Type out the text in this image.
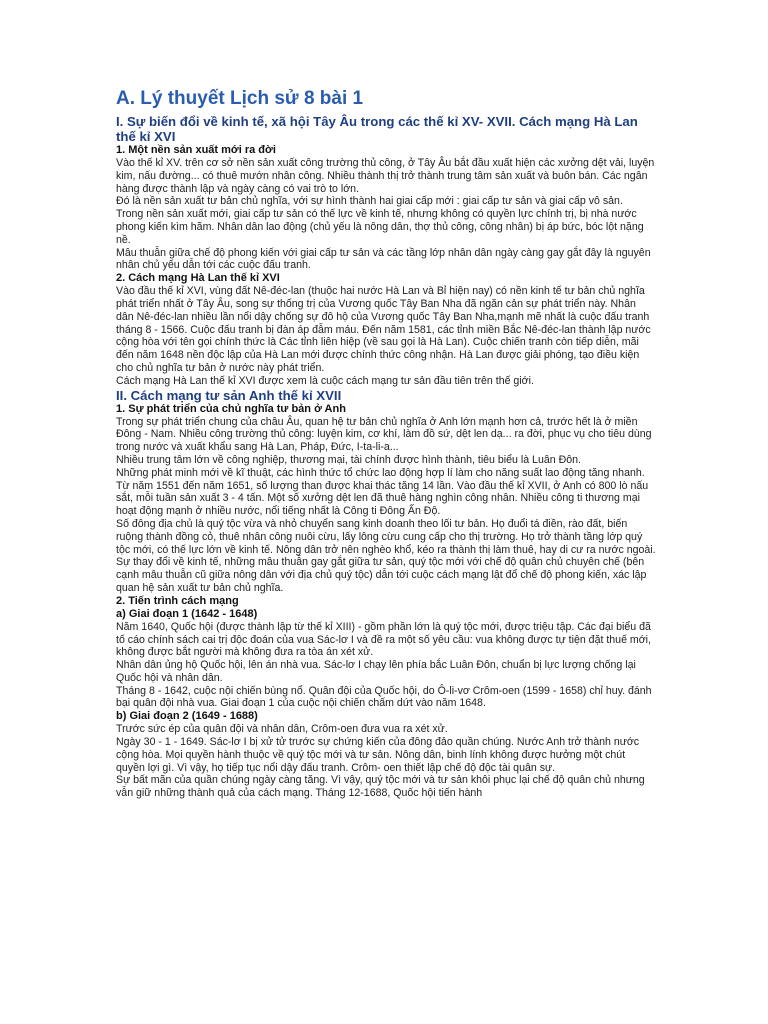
A. Lý thuyết Lịch sử 8 bài 1
I. Sự biến đổi về kinh tế, xã hội Tây Âu trong các thế kỉ XV- XVII. Cách mạng Hà Lan thế kỉ XVI
1. Một nền sản xuất mới ra đời

Vào thế kỉ XV. trên cơ sở nền sản xuất công trường thủ công, ở Tây Âu bắt đầu xuất hiện các xưởng dệt vải, luyện kim, nấu đường... có thuê mướn nhân công. Nhiều thành thị trở thành trung tâm sản xuất và buôn bán. Các ngân hàng được thành lập và ngày càng có vai trò to lớn.

Đó là nền sản xuất tư bản chủ nghĩa, với sự hình thành hai giai cấp mới : giai cấp tư sản và giai cấp vô sản.

Trong nền sản xuất mới, giai cấp tư sản có thế lực về kinh tế, nhưng không có quyền lực chính trị, bị nhà nước phong kiến kìm hãm. Nhân dân lao động (chủ yếu là nông dân, thợ thủ công, công nhân) bị áp bức, bóc lột nặng nề.

Mâu thuẫn giữa chế độ phong kiến với giai cấp tư sản và các tầng lớp nhân dân ngày càng gay gắt đây là nguyên nhân chủ yếu dẫn tới các cuộc đấu tranh.

2. Cách mạng Hà Lan thế kỉ XVI

Vào đầu thế kỉ XVI, vùng đất Nê-đéc-lan (thuộc hai nước Hà Lan và Bỉ hiện nay) có nền kinh tế tư bản chủ nghĩa phát triển nhất ở Tây Âu, song sự thống trị của Vương quốc Tây Ban Nha đã ngăn cản sự phát triển này. Nhân dân Nê-đéc-lan nhiều lần nổi dậy chống sự đô hộ của Vương quốc Tây Ban Nha,mạnh mẽ nhất là cuộc đấu tranh tháng 8 - 1566. Cuộc đấu tranh bị đàn áp đẫm máu. Đến năm 1581, các tỉnh miền Bắc Nê-đéc-lan thành lập nước cộng hòa với tên gọi chính thức là Các tỉnh liên hiệp (về sau gọi là Hà Lan). Cuộc chiến tranh còn tiếp diễn, mãi đến năm 1648 nền độc lập của Hà Lan mới được chính thức công nhận. Hà Lan được giải phóng, tạo điều kiện cho chủ nghĩa tư bản ở nước này phát triển.

Cách mạng Hà Lan thế kỉ XVI được xem là cuộc cách mạng tư sản đầu tiên trên thế giới.

II. Cách mạng tư sản Anh thế kỉ XVII
1. Sự phát triển của chủ nghĩa tư bản ở Anh

Trong sự phát triển chung của châu Âu, quan hệ tư bản chủ nghĩa ở Anh lớn mạnh hơn cả, trước hết là ở miền Đông - Nam. Nhiều công trường thủ công: luyện kim, cơ khí, làm đồ sứ, dệt len dạ... ra đời, phục vụ cho tiêu dùng trong nước và xuất khẩu sang Hà Lan, Pháp, Đức, I-ta-li-a...

Nhiều trung tâm lớn về công nghiệp, thương mại, tài chính được hình thành, tiêu biểu là Luân Đôn.

Những phát minh mới về kĩ thuật, các hình thức tổ chức lao động hợp lí làm cho năng suất lao động tăng nhanh.

Từ năm 1551 đến năm 1651, số lượng than được khai thác tăng 14 lần. Vào đầu thế kỉ XVII, ở Anh có 800 lò nấu sắt, mỗi tuần sản xuất 3 - 4 tấn. Một số xưởng dệt len đã thuê hàng nghìn công nhân. Nhiều công ti thương mại hoạt động mạnh ở nhiều nước, nổi tiếng nhất là Công ti Đông Ấn Độ.

Số đông địa chủ là quý tộc vừa và nhỏ chuyển sang kinh doanh theo lối tư bản. Họ đuổi tá điền, rào đất, biến ruộng thành đồng cỏ, thuê nhân công nuôi cừu, lấy lông cừu cung cấp cho thị trường. Họ trở thành tầng lớp quý tộc mới, có thế lực lớn về kinh tế. Nông dân trở nên nghèo khổ, kéo ra thành thị làm thuê, hay di cư ra nước ngoài.

Sự thay đổi về kinh tế, những mâu thuẫn gay gắt giữa tư sản, quý tộc mới với chế độ quân chủ chuyên chế (bên cạnh mâu thuẫn cũ giữa nông dân với địa chủ quý tộc) dẫn tới cuộc cách mạng lật đổ chế độ phong kiến, xác lập quan hệ sản xuất tư bản chủ nghĩa.

2. Tiến trình cách mạng
a) Giai đoạn 1 (1642 - 1648)

Năm 1640, Quốc hội (được thành lập từ thế kỉ XIII) - gồm phần lớn là quý tộc mới, được triệu tập. Các đại biểu đã tố cáo chính sách cai trị độc đoán của vua Sác-lơ I và đề ra một số yêu cầu: vua không được tự tiện đặt thuế mới, không được bắt người mà không đưa ra tòa án xét xử.

Nhân dân ủng hộ Quốc hội, lên án nhà vua. Sác-lơ I chạy lên phía bắc Luân Đôn, chuẩn bị lực lượng chống lại Quốc hội và nhân dân.

Tháng 8 - 1642, cuộc nội chiến bùng nổ. Quân đội của Quốc hội, do Ô-li-vơ Crôm-oen (1599 - 1658) chỉ huy. đánh bại quân đội nhà vua. Giai đoạn 1 của cuộc nội chiến chấm dứt vào năm 1648.

b) Giai đoạn 2 (1649 - 1688)

Trước sức ép của quân đội và nhân dân, Crôm-oen đưa vua ra xét xử.

Ngày 30 - 1 - 1649. Sác-lơ I bị xử tử trước sự chứng kiến của đông đảo quần chúng. Nước Anh trở thành nước cộng hòa. Mọi quyền hành thuộc về quý tộc mới và tư sản. Nông dân, binh lính không được hưởng một chút quyền lợi gì. Vì vậy, họ tiếp tục nổi dậy đấu tranh. Crôm- oen thiết lập chế độ độc tài quân sự.

Sự bất mãn của quần chúng ngày càng tăng. Vì vậy, quý tộc mới và tư sản khôi phục lại chế độ quân chủ nhưng vẫn giữ những thành quả của cách mạng. Tháng 12-1688, Quốc hội tiến hành
